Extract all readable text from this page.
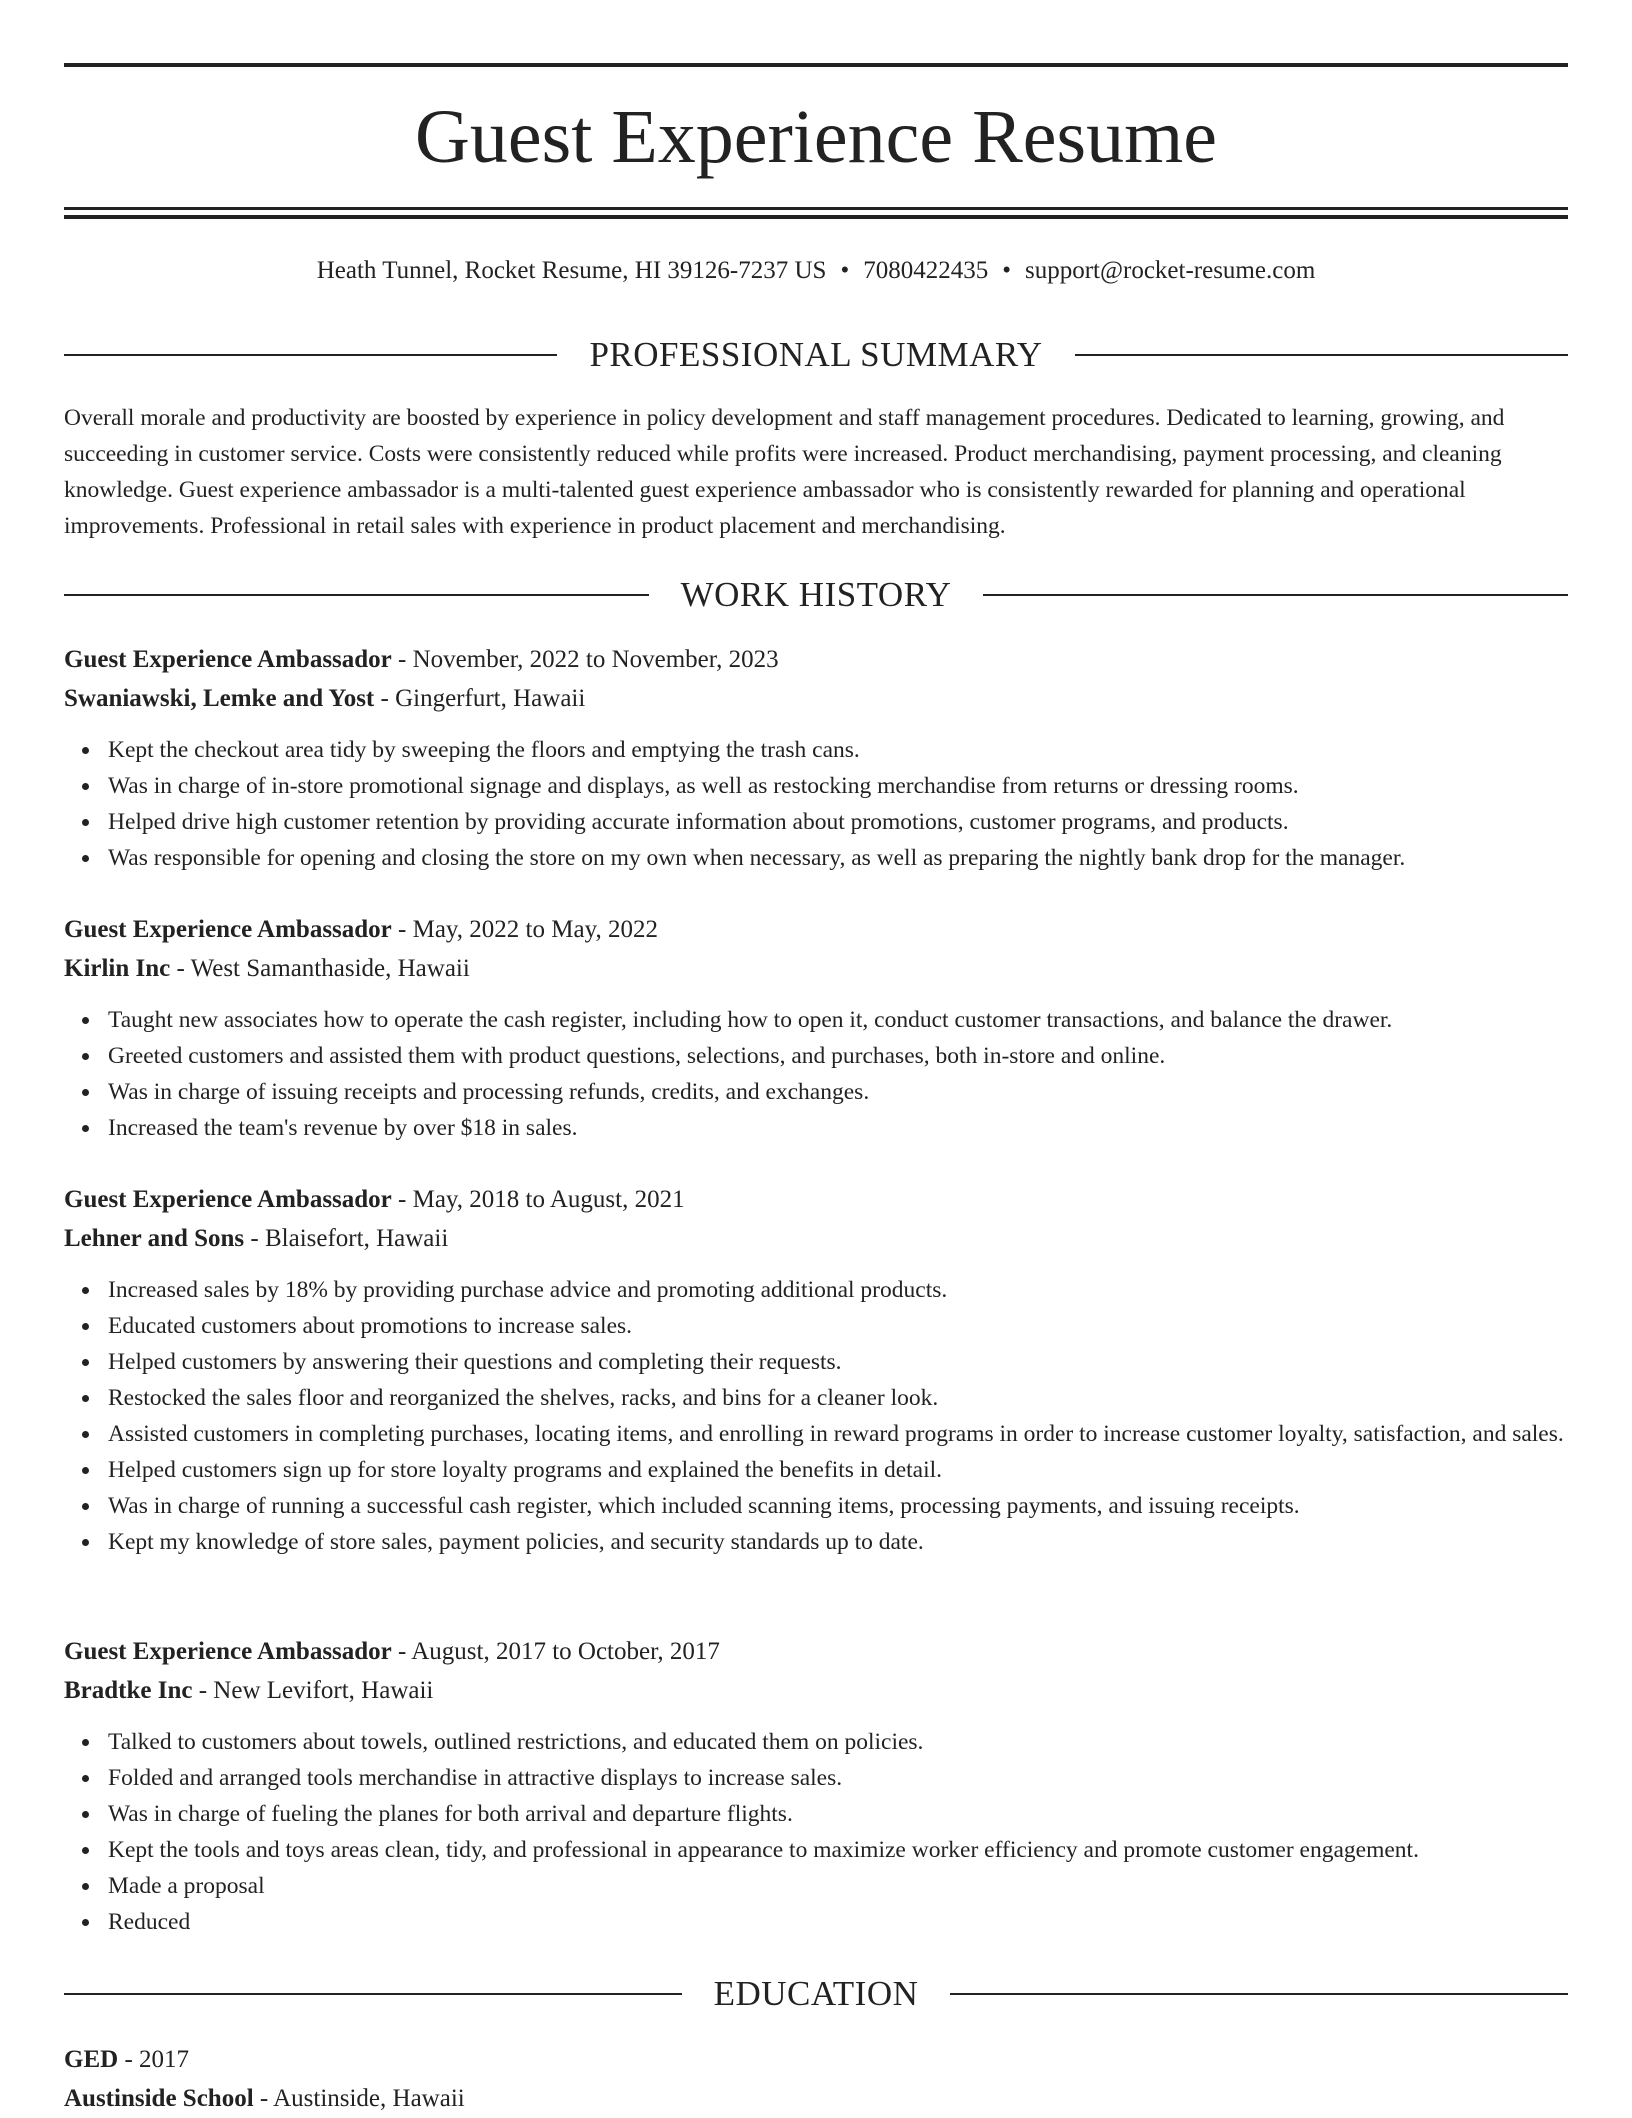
Guest Experience Resume
Heath Tunnel, Rocket Resume, HI 39126-7237 US • 7080422435 • support@rocket-resume.com
PROFESSIONAL SUMMARY

Overall morale and productivity are boosted by experience in policy development and staff management procedures. Dedicated to learning, growing, and succeeding in customer service. Costs were consistently reduced while profits were increased. Product merchandising, payment processing, and cleaning knowledge. Guest experience ambassador is a multi-talented guest experience ambassador who is consistently rewarded for planning and operational improvements. Professional in retail sales with experience in product placement and merchandising.

WORK HISTORY
Guest Experience Ambassador - November, 2022 to November, 2023
Swaniawski, Lemke and Yost - Gingerfurt, Hawaii
Kept the checkout area tidy by sweeping the floors and emptying the trash cans.
Was in charge of in-store promotional signage and displays, as well as restocking merchandise from returns or dressing rooms.
Helped drive high customer retention by providing accurate information about promotions, customer programs, and products.
Was responsible for opening and closing the store on my own when necessary, as well as preparing the nightly bank drop for the manager.
Guest Experience Ambassador - May, 2022 to May, 2022
Kirlin Inc - West Samanthaside, Hawaii
Taught new associates how to operate the cash register, including how to open it, conduct customer transactions, and balance the drawer.
Greeted customers and assisted them with product questions, selections, and purchases, both in-store and online.
Was in charge of issuing receipts and processing refunds, credits, and exchanges.
Increased the team's revenue by over $18 in sales.
Guest Experience Ambassador - May, 2018 to August, 2021
Lehner and Sons - Blaisefort, Hawaii
Increased sales by 18% by providing purchase advice and promoting additional products.
Educated customers about promotions to increase sales.
Helped customers by answering their questions and completing their requests.
Restocked the sales floor and reorganized the shelves, racks, and bins for a cleaner look.
Assisted customers in completing purchases, locating items, and enrolling in reward programs in order to increase customer loyalty, satisfaction, and sales.
Helped customers sign up for store loyalty programs and explained the benefits in detail.
Was in charge of running a successful cash register, which included scanning items, processing payments, and issuing receipts.
Kept my knowledge of store sales, payment policies, and security standards up to date.
Guest Experience Ambassador - August, 2017 to October, 2017
Bradtke Inc - New Levifort, Hawaii
Talked to customers about towels, outlined restrictions, and educated them on policies.
Folded and arranged tools merchandise in attractive displays to increase sales.
Was in charge of fueling the planes for both arrival and departure flights.
Kept the tools and toys areas clean, tidy, and professional in appearance to maximize worker efficiency and promote customer engagement.
Made a proposal
Reduced
EDUCATION
GED - 2017
Austinside School - Austinside, Hawaii
